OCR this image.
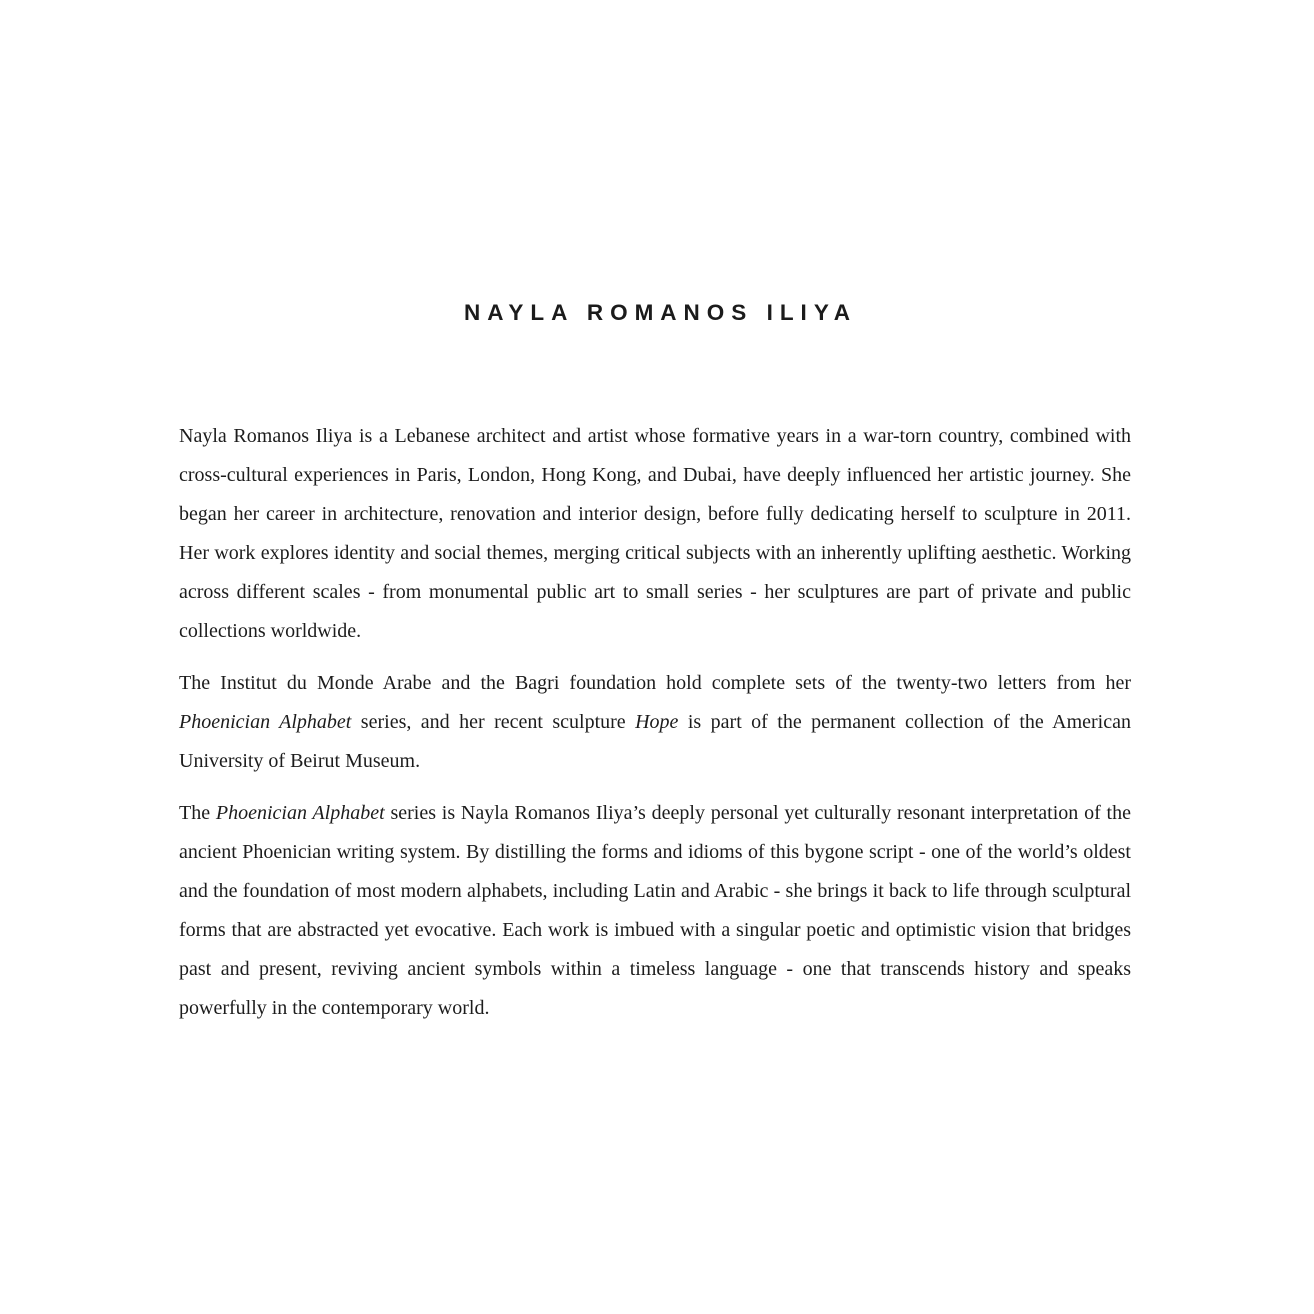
NAYLA ROMANOS ILIYA

Nayla Romanos Iliya is a Lebanese architect and artist whose formative years in a war-torn country, combined with cross-cultural experiences in Paris, London, Hong Kong, and Dubai, have deeply influenced her artistic journey. She began her career in architecture, renovation and interior design, before fully dedicating herself to sculpture in 2011. Her work explores identity and social themes, merging critical subjects with an inherently uplifting aesthetic. Working across different scales - from monumental public art to small series - her sculptures are part of private and public collections worldwide.

The Institut du Monde Arabe and the Bagri foundation hold complete sets of the twenty-two letters from her Phoenician Alphabet series, and her recent sculpture Hope is part of the permanent collection of the American University of Beirut Museum.

The Phoenician Alphabet series is Nayla Romanos Iliya’s deeply personal yet culturally resonant interpretation of the ancient Phoenician writing system. By distilling the forms and idioms of this bygone script - one of the world’s oldest and the foundation of most modern alphabets, including Latin and Arabic - she brings it back to life through sculptural forms that are abstracted yet evocative. Each work is imbued with a singular poetic and optimistic vision that bridges past and present, reviving ancient symbols within a timeless language - one that transcends history and speaks powerfully in the contemporary world.
